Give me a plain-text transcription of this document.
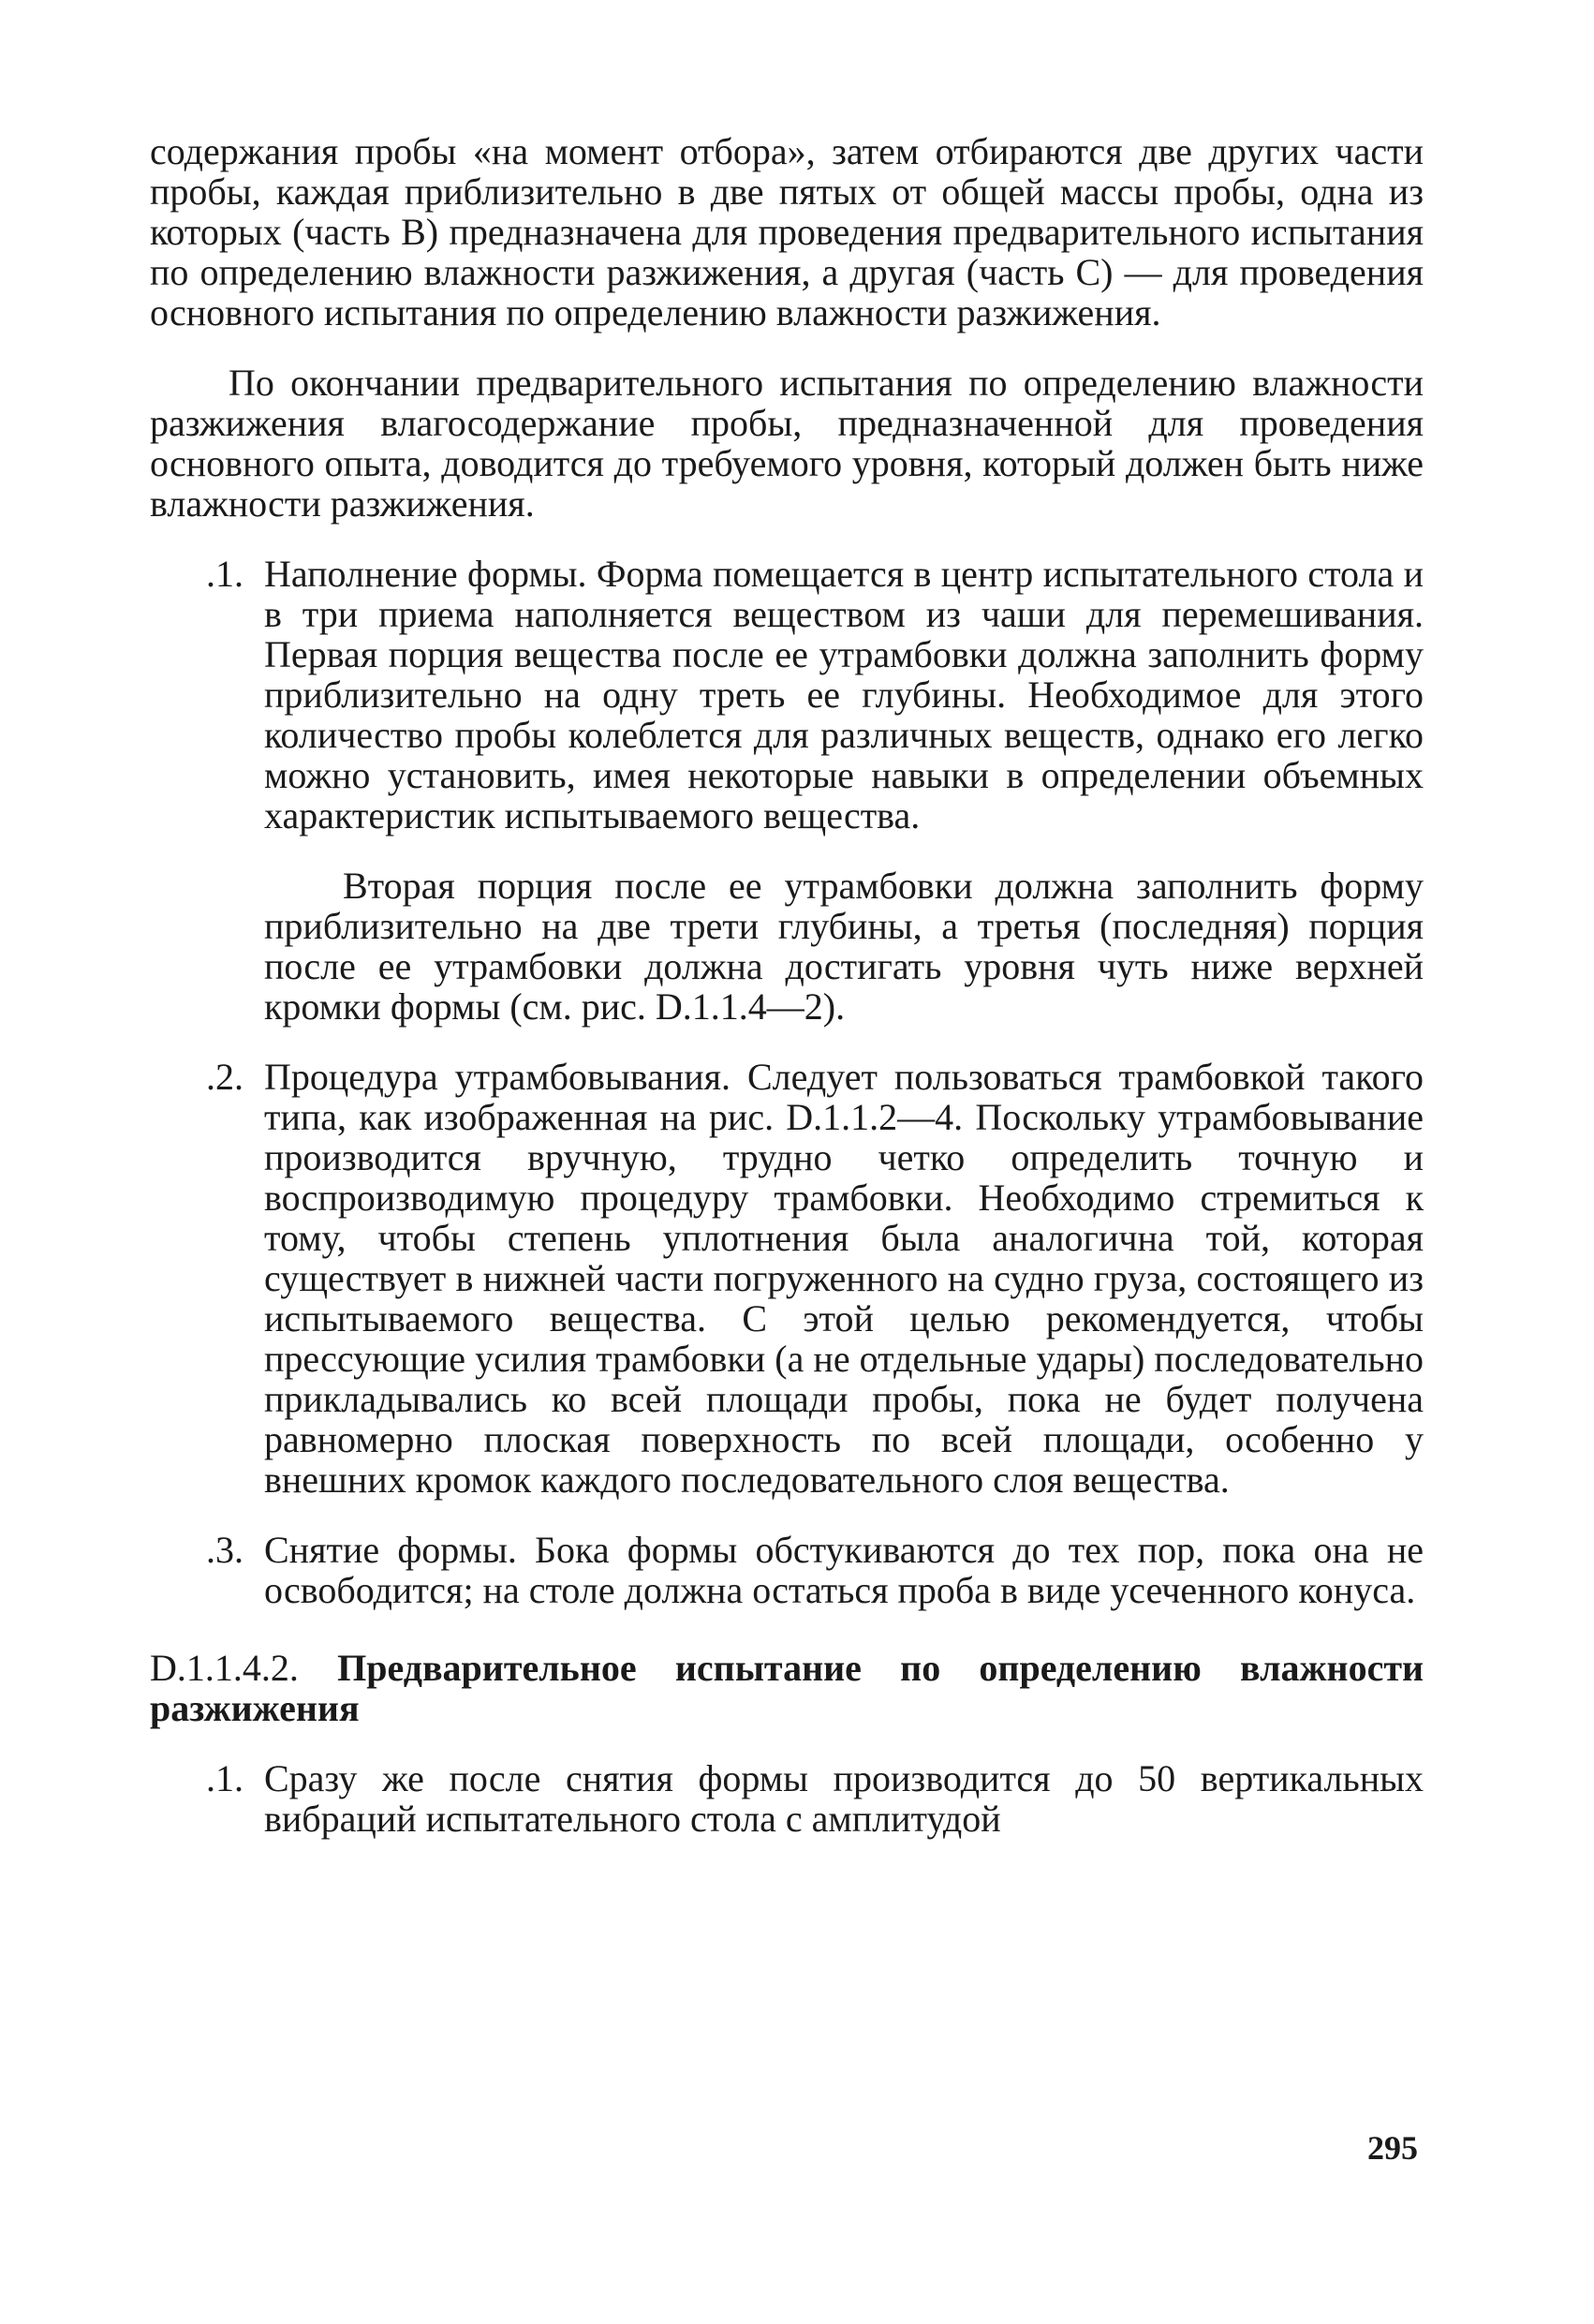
содержания пробы «на момент отбора», затем отбираются две других части пробы, каждая приблизительно в две пятых от общей массы пробы, одна из которых (часть В) предназначена для проведения предварительного испытания по определению влажности разжижения, а другая (часть С) — для проведения основного испытания по определению влажности разжижения.

По окончании предварительного испытания по определению влажности разжижения влагосодержание пробы, предназначенной для проведения основного опыта, доводится до требуемого уровня, который должен быть ниже влажности разжижения.

.1. Наполнение формы. Форма помещается в центр испытательного стола и в три приема наполняется веществом из чаши для перемешивания. Первая порция вещества после ее утрамбовки должна заполнить форму приблизительно на одну треть ее глубины. Необходимое для этого количество пробы колеблется для различных веществ, однако его легко можно установить, имея некоторые навыки в определении объемных характеристик испытываемого вещества.

Вторая порция после ее утрамбовки должна заполнить форму приблизительно на две трети глубины, а третья (последняя) порция после ее утрамбовки должна достигать уровня чуть ниже верхней кромки формы (см. рис. D.1.1.4—2).

.2. Процедура утрамбовывания. Следует пользоваться трамбовкой такого типа, как изображенная на рис. D.1.1.2—4. Поскольку утрамбовывание производится вручную, трудно четко определить точную и воспроизводимую процедуру трамбовки. Необходимо стремиться к тому, чтобы степень уплотнения была аналогична той, которая существует в нижней части погруженного на судно груза, состоящего из испытываемого вещества. С этой целью рекомендуется, чтобы прессующие усилия трамбовки (а не отдельные удары) последовательно прикладывались ко всей площади пробы, пока не будет получена равномерно плоская поверхность по всей площади, особенно у внешних кромок каждого последовательного слоя вещества.

.3. Снятие формы. Бока формы обстукиваются до тех пор, пока она не освободится; на столе должна остаться проба в виде усеченного конуса.

D.1.1.4.2. Предварительное испытание по определению влажности разжижения

.1. Сразу же после снятия формы производится до 50 вертикальных вибраций испытательного стола с амплитудой

295
